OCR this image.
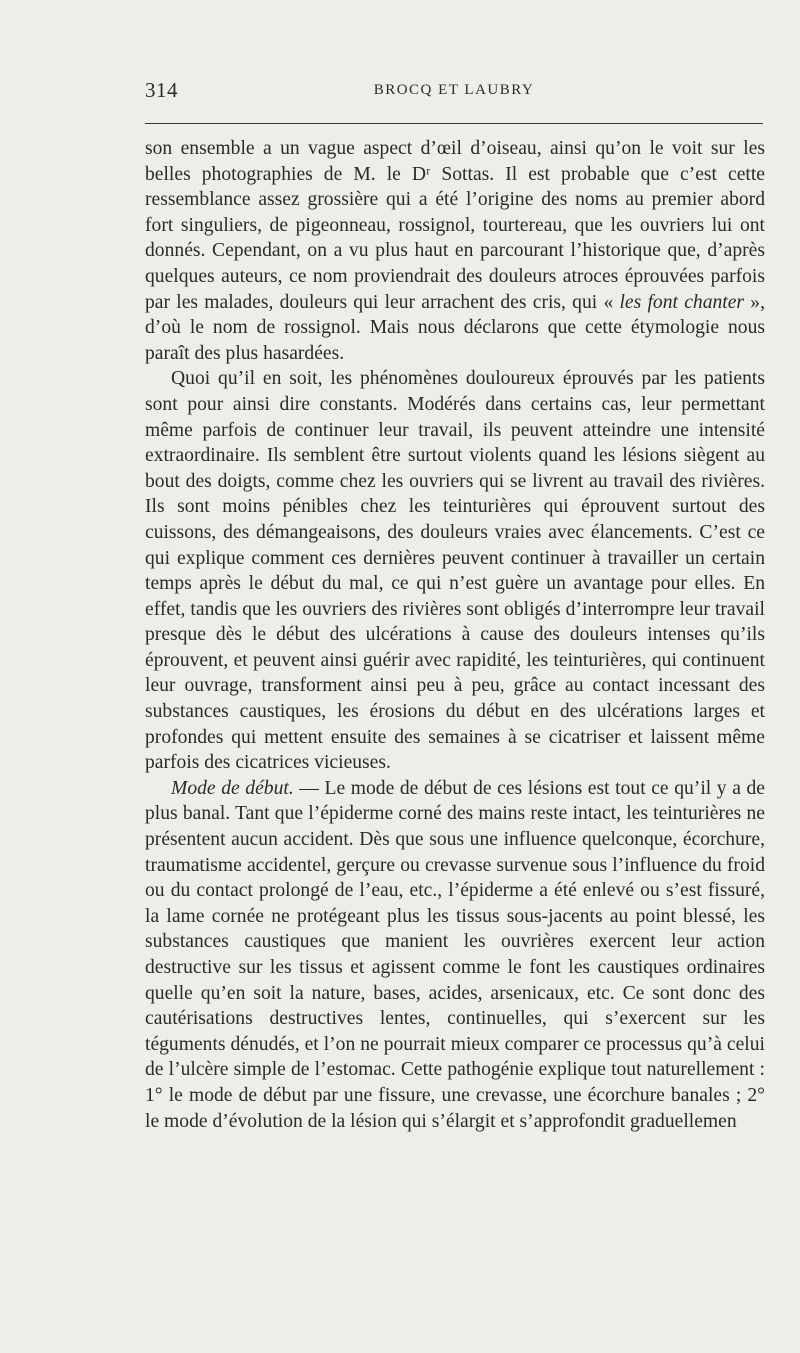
314	BROCQ ET LAUBRY

son ensemble a un vague aspect d’œil d’oiseau, ainsi qu’on le voit sur les belles photographies de M. le Dʳ Sottas. Il est probable que c’est cette ressemblance assez grossière qui a été l’origine des noms au premier abord fort singuliers, de pigeonneau, rossignol, tourtereau, que les ouvriers lui ont donnés. Cependant, on a vu plus haut en parcourant l’historique que, d’après quelques auteurs, ce nom proviendrait des douleurs atroces éprouvées parfois par les malades, douleurs qui leur arrachent des cris, qui « les font chanter », d’où le nom de rossignol. Mais nous déclarons que cette étymologie nous paraît des plus hasardées.

Quoi qu’il en soit, les phénomènes douloureux éprouvés par les patients sont pour ainsi dire constants. Modérés dans certains cas, leur permettant même parfois de continuer leur travail, ils peuvent atteindre une intensité extraordinaire. Ils semblent être surtout violents quand les lésions siègent au bout des doigts, comme chez les ouvriers qui se livrent au travail des rivières. Ils sont moins pénibles chez les teinturières qui éprouvent surtout des cuissons, des démangeaisons, des douleurs vraies avec élancements. C’est ce qui explique comment ces dernières peuvent continuer à travailler un certain temps après le début du mal, ce qui n’est guère un avantage pour elles. En effet, tandis que les ouvriers des rivières sont obligés d’interrompre leur travail presque dès le début des ulcérations à cause des douleurs intenses qu’ils éprouvent, et peuvent ainsi guérir avec rapidité, les teinturières, qui continuent leur ouvrage, transforment ainsi peu à peu, grâce au contact incessant des substances caustiques, les érosions du début en des ulcérations larges et profondes qui mettent ensuite des semaines à se cicatriser et laissent même parfois des cicatrices vicieuses.

Mode de début. — Le mode de début de ces lésions est tout ce qu’il y a de plus banal. Tant que l’épiderme corné des mains reste intact, les teinturières ne présentent aucun accident. Dès que sous une influence quelconque, écorchure, traumatisme accidentel, gerçure ou crevasse survenue sous l’influence du froid ou du contact prolongé de l’eau, etc., l’épiderme a été enlevé ou s’est fissuré, la lame cornée ne protégeant plus les tissus sous-jacents au point blessé, les substances caustiques que manient les ouvrières exercent leur action destructive sur les tissus et agissent comme le font les caustiques ordinaires quelle qu’en soit la nature, bases, acides, arsenicaux, etc. Ce sont donc des cautérisations destructives lentes, continuelles, qui s’exercent sur les téguments dénudés, et l’on ne pourrait mieux comparer ce processus qu’à celui de l’ulcère simple de l’estomac. Cette pathogénie explique tout naturellement : 1° le mode de début par une fissure, une crevasse, une écorchure banales ; 2° le mode d’évolution de la lésion qui s’élargit et s’approfondit graduellemen
